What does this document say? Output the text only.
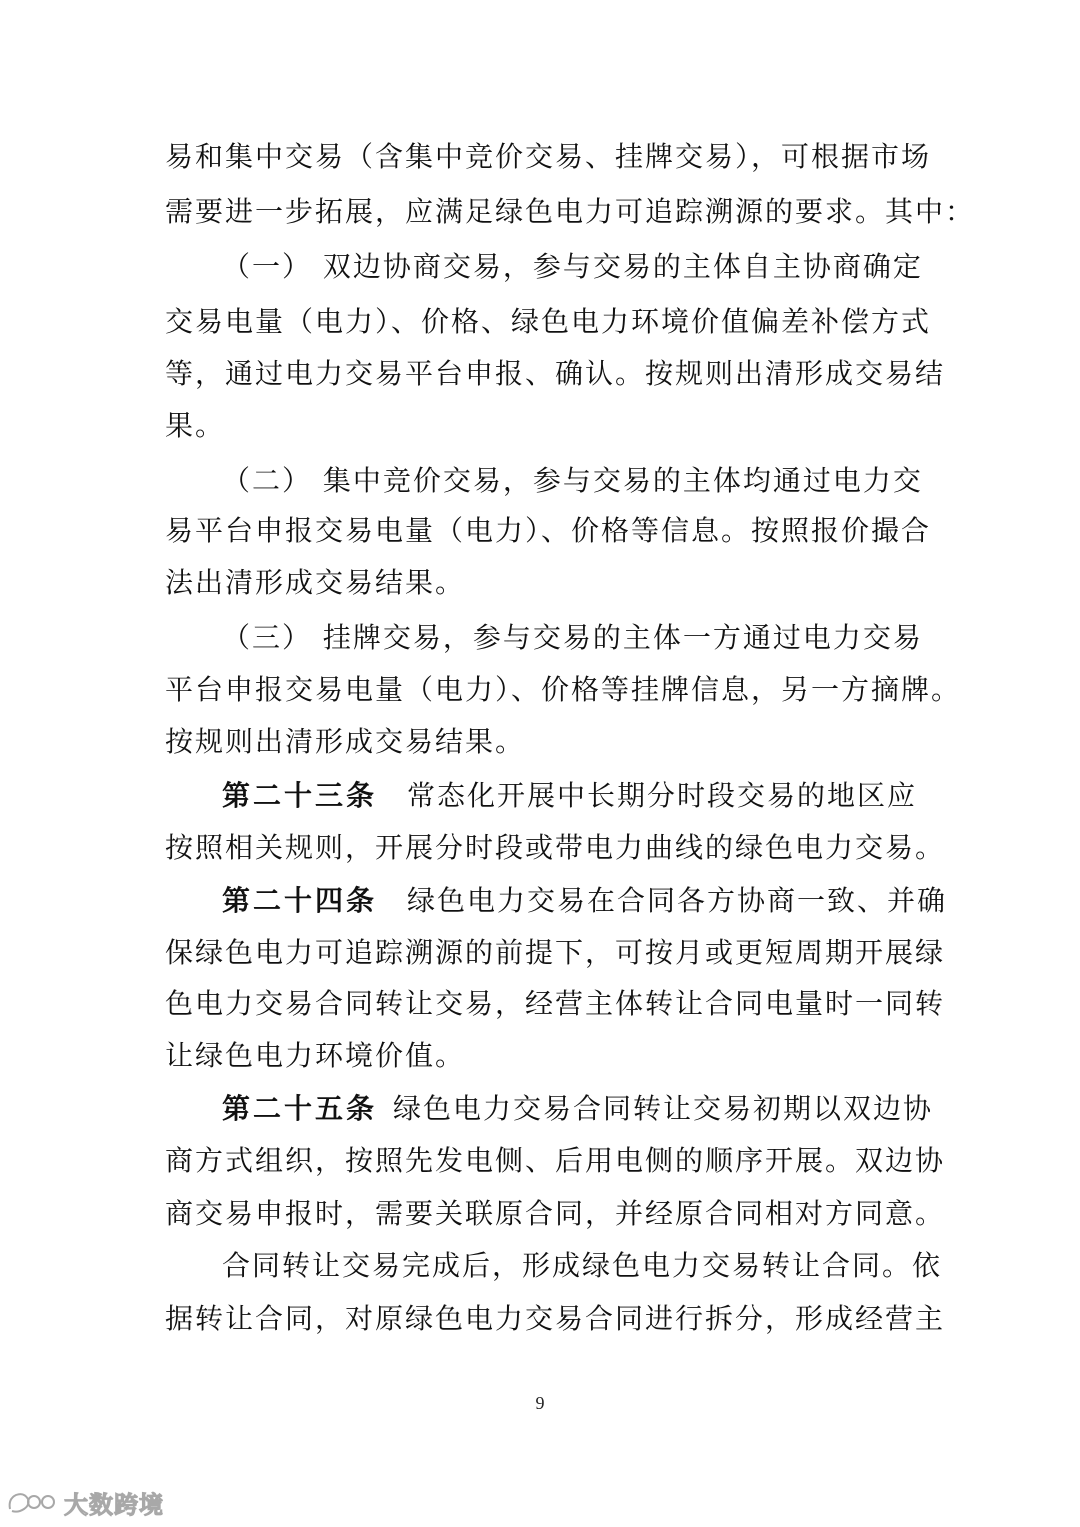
易和集中交易（含集中竞价交易、挂牌交易），可根据市场
需要进一步拓展，应满足绿色电力可追踪溯源的要求。其中：
（一） 双边协商交易，参与交易的主体自主协商确定
交易电量（电力）、价格、绿色电力环境价值偏差补偿方式
等，通过电力交易平台申报、确认。按规则出清形成交易结
果。
（二） 集中竞价交易，参与交易的主体均通过电力交
易平台申报交易电量（电力）、价格等信息。按照报价撮合
法出清形成交易结果。
（三） 挂牌交易，参与交易的主体一方通过电力交易
平台申报交易电量（电力）、价格等挂牌信息，另一方摘牌。
按规则出清形成交易结果。
第二十三条　 常态化开展中长期分时段交易的地区应
按照相关规则，开展分时段或带电力曲线的绿色电力交易。
第二十四条　 绿色电力交易在合同各方协商一致、并确
保绿色电力可追踪溯源的前提下，可按月或更短周期开展绿
色电力交易合同转让交易，经营主体转让合同电量时一同转
让绿色电力环境价值。
第二十五条  绿色电力交易合同转让交易初期以双边协
商方式组织，按照先发电侧、后用电侧的顺序开展。双边协
商交易申报时，需要关联原合同，并经原合同相对方同意。
合同转让交易完成后，形成绿色电力交易转让合同。依
据转让合同，对原绿色电力交易合同进行拆分，形成经营主
9
大数跨境
